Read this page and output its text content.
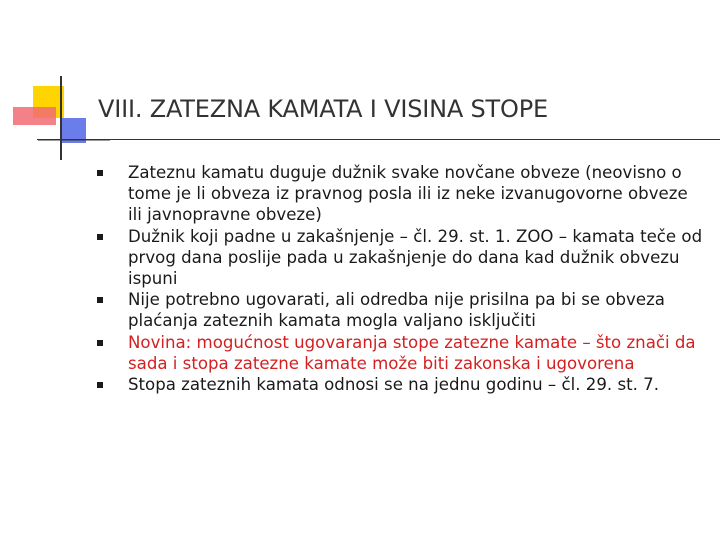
VIII. ZATEZNA KAMATA I VISINA STOPE
Zateznu kamatu duguje dužnik svake novčane obveze (neovisno o tome je li obveza iz pravnog posla ili iz neke izvanugovorne obveze ili javnopravne obveze)
Dužnik koji padne u zakašnjenje – čl. 29. st. 1. ZOO – kamata teče od prvog dana poslije pada u zakašnjenje do dana kad dužnik obvezu ispuni
Nije potrebno ugovarati, ali odredba nije prisilna pa bi se obveza plaćanja zateznih kamata mogla valjano isključiti
Novina: mogućnost ugovaranja stope zatezne kamate – što znači da sada i stopa zatezne kamate može biti zakonska i ugovorena
Stopa zateznih kamata odnosi se na jednu godinu – čl. 29. st. 7.
